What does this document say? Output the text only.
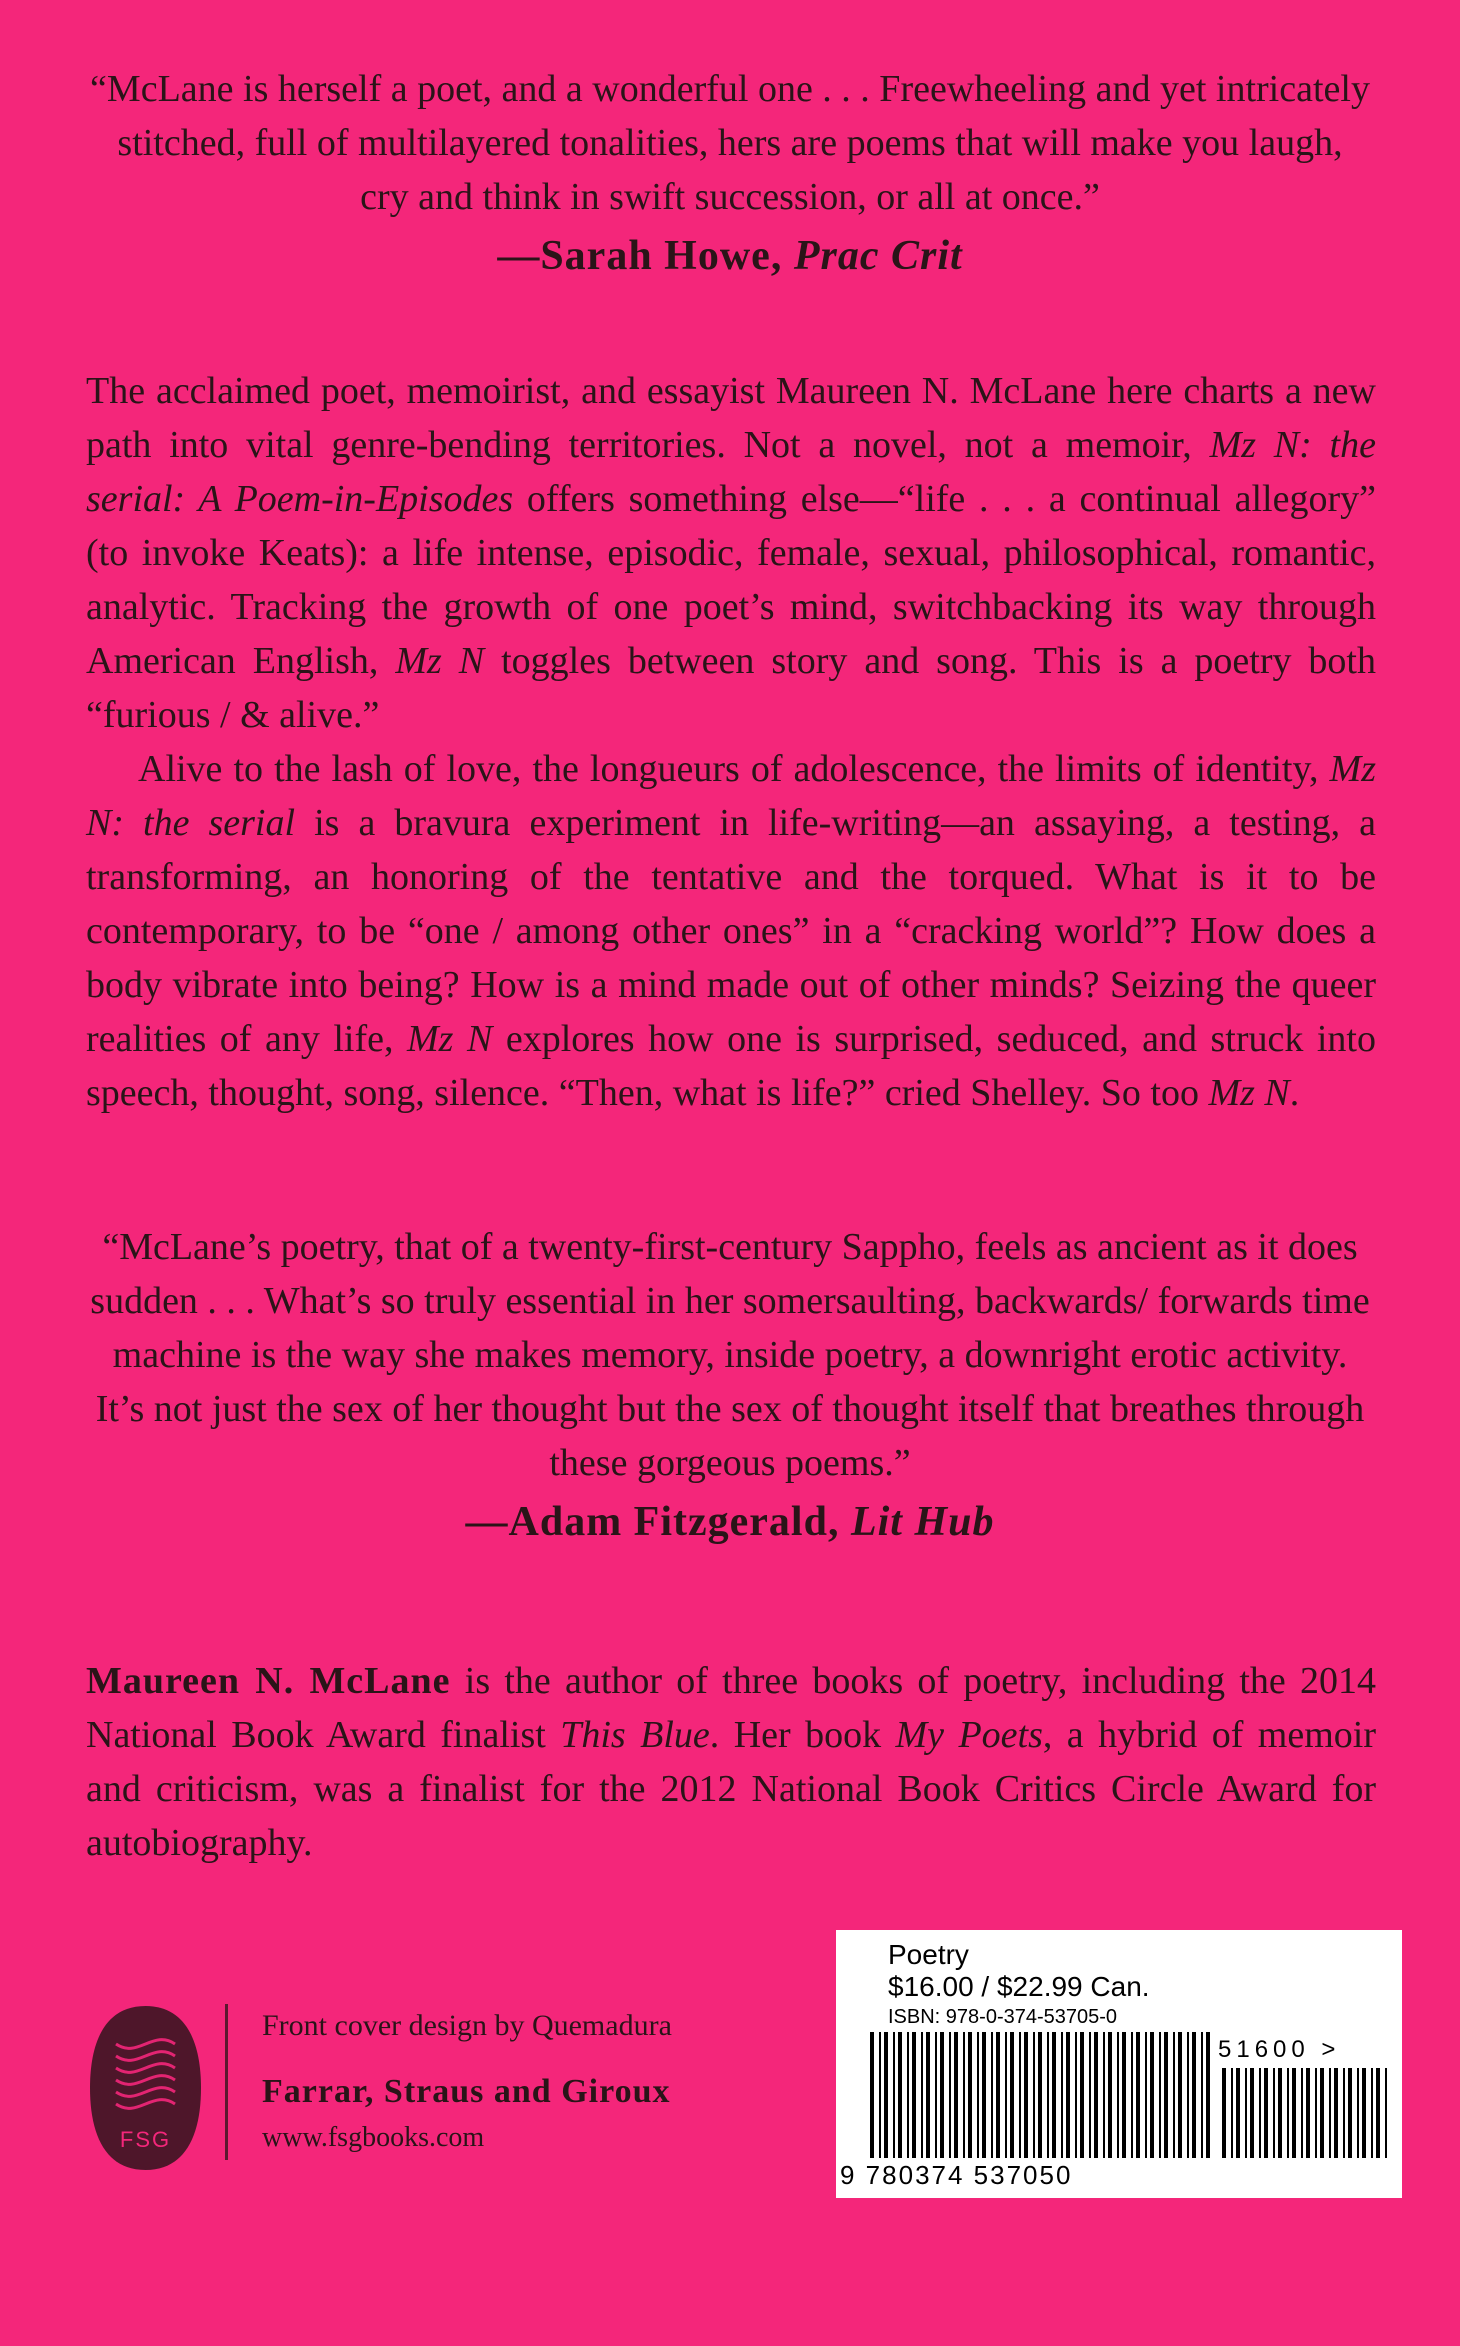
“McLane is herself a poet, and a wonderful one . . . Freewheeling and yet intricately stitched, full of multilayered tonalities, hers are poems that will make you laugh, cry and think in swift succession, or all at once.”
—Sarah Howe, Prac Crit

The acclaimed poet, memoirist, and essayist Maureen N. McLane here charts a new path into vital genre-bending territories. Not a novel, not a memoir, Mz N: the serial: A Poem-in-Episodes offers something else—“life . . . a continual allegory” (to invoke Keats): a life intense, episodic, female, sexual, philosophical, romantic, analytic. Tracking the growth of one poet’s mind, switchbacking its way through American English, Mz N toggles between story and song. This is a poetry both “furious / & alive.”

Alive to the lash of love, the longueurs of adolescence, the limits of identity, Mz N: the serial is a bravura experiment in life-writing—an assaying, a testing, a transforming, an honoring of the tentative and the torqued. What is it to be contemporary, to be “one / among other ones” in a “cracking world”? How does a body vibrate into being? How is a mind made out of other minds? Seizing the queer realities of any life, Mz N explores how one is surprised, seduced, and struck into speech, thought, song, silence. “Then, what is life?” cried Shelley. So too Mz N.

“McLane’s poetry, that of a twenty-first-century Sappho, feels as ancient as it does sudden . . . What’s so truly essential in her somersaulting, backwards/ forwards time machine is the way she makes memory, inside poetry, a downright erotic activity. It’s not just the sex of her thought but the sex of thought itself that breathes through these gorgeous poems.”
—Adam Fitzgerald, Lit Hub
Maureen N. McLane is the author of three books of poetry, including the 2014 National Book Award finalist This Blue. Her book My Poets, a hybrid of memoir and criticism, was a finalist for the 2012 National Book Critics Circle Award for autobiography.
FSG
Front cover design by Quemadura
Farrar, Straus and Giroux
www.fsgbooks.com
Poetry
$16.00 / $22.99 Can.
ISBN: 978-0-374-53705-0
51600 >
9 780374 537050
